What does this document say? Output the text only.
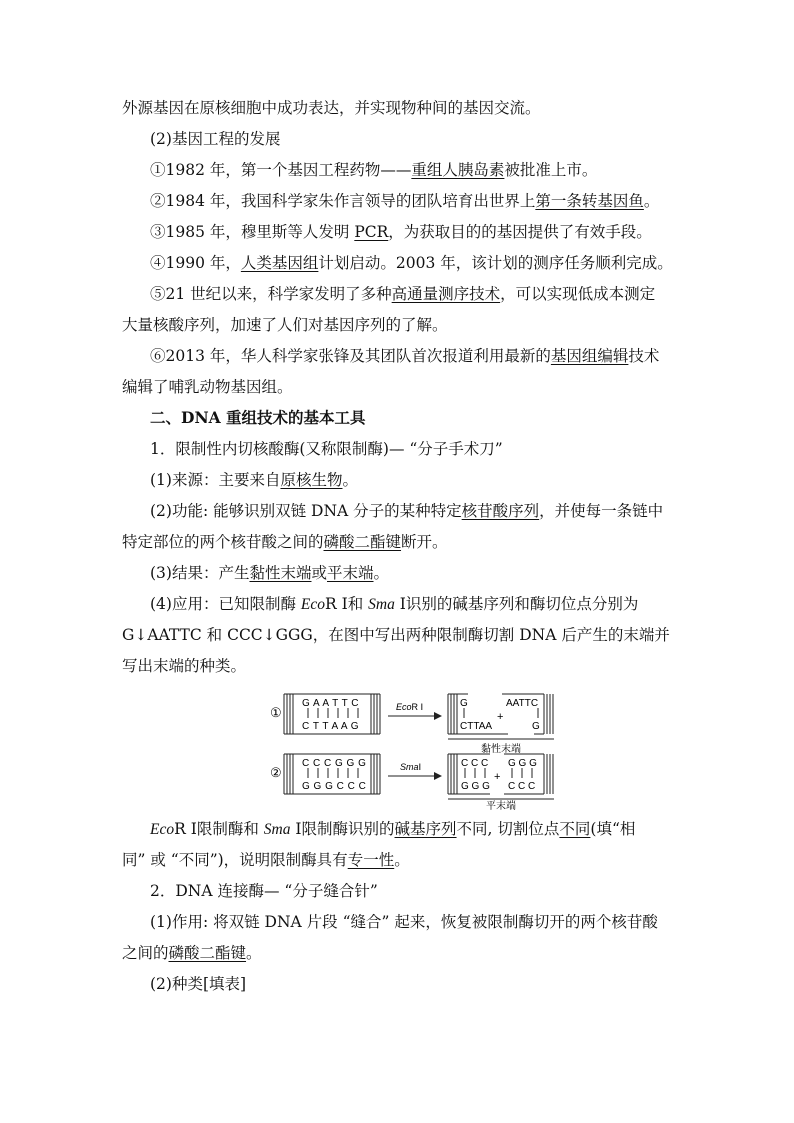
外源基因在原核细胞中成功表达，并实现物种间的基因交流。
(2)基因工程的发展
①1982 年，第一个基因工程药物——重组人胰岛素被批准上市。
②1984 年，我国科学家朱作言领导的团队培育出世界上第一条转基因鱼。
③1985 年，穆里斯等人发明 PCR，为获取目的的基因提供了有效手段。
④1990 年，人类基因组计划启动。2003 年，该计划的测序任务顺利完成。
⑤21 世纪以来，科学家发明了多种高通量测序技术，可以实现低成本测定
大量核酸序列，加速了人们对基因序列的了解。
⑥2013 年，华人科学家张锋及其团队首次报道利用最新的基因组编辑技术
编辑了哺乳动物基因组。
二、DNA 重组技术的基本工具
1．限制性内切核酸酶(又称限制酶)— “分子手术刀”
(1)来源：主要来自原核生物。
(2)功能: 能够识别双链 DNA 分子的某种特定核苷酸序列，并使每一条链中
特定部位的两个核苷酸之间的磷酸二酯键断开。
(3)结果：产生黏性末端或平末端。
(4)应用：已知限制酶 EcoR Ⅰ和 Sma Ⅰ识别的碱基序列和酶切位点分别为
G↓AATTC 和 CCC↓GGG，在图中写出两种限制酶切割 DNA 后产生的末端并
写出末端的种类。
①
G A A T T C
C T T A A G
EcoR Ⅰ	G
CTTAA
+
AATTC
G
黏性末端
②
C C C G G G
G G G C C C
SmaⅠ	C C C
G G G
+
G G G
C C C
平末端
EcoR Ⅰ限制酶和 Sma Ⅰ限制酶识别的碱基序列不同, 切割位点不同(填“相
同” 或 “不同”)，说明限制酶具有专一性。
2．DNA 连接酶— “分子缝合针”
(1)作用: 将双链 DNA 片段 “缝合” 起来，恢复被限制酶切开的两个核苷酸
之间的磷酸二酯键。
(2)种类[填表]
